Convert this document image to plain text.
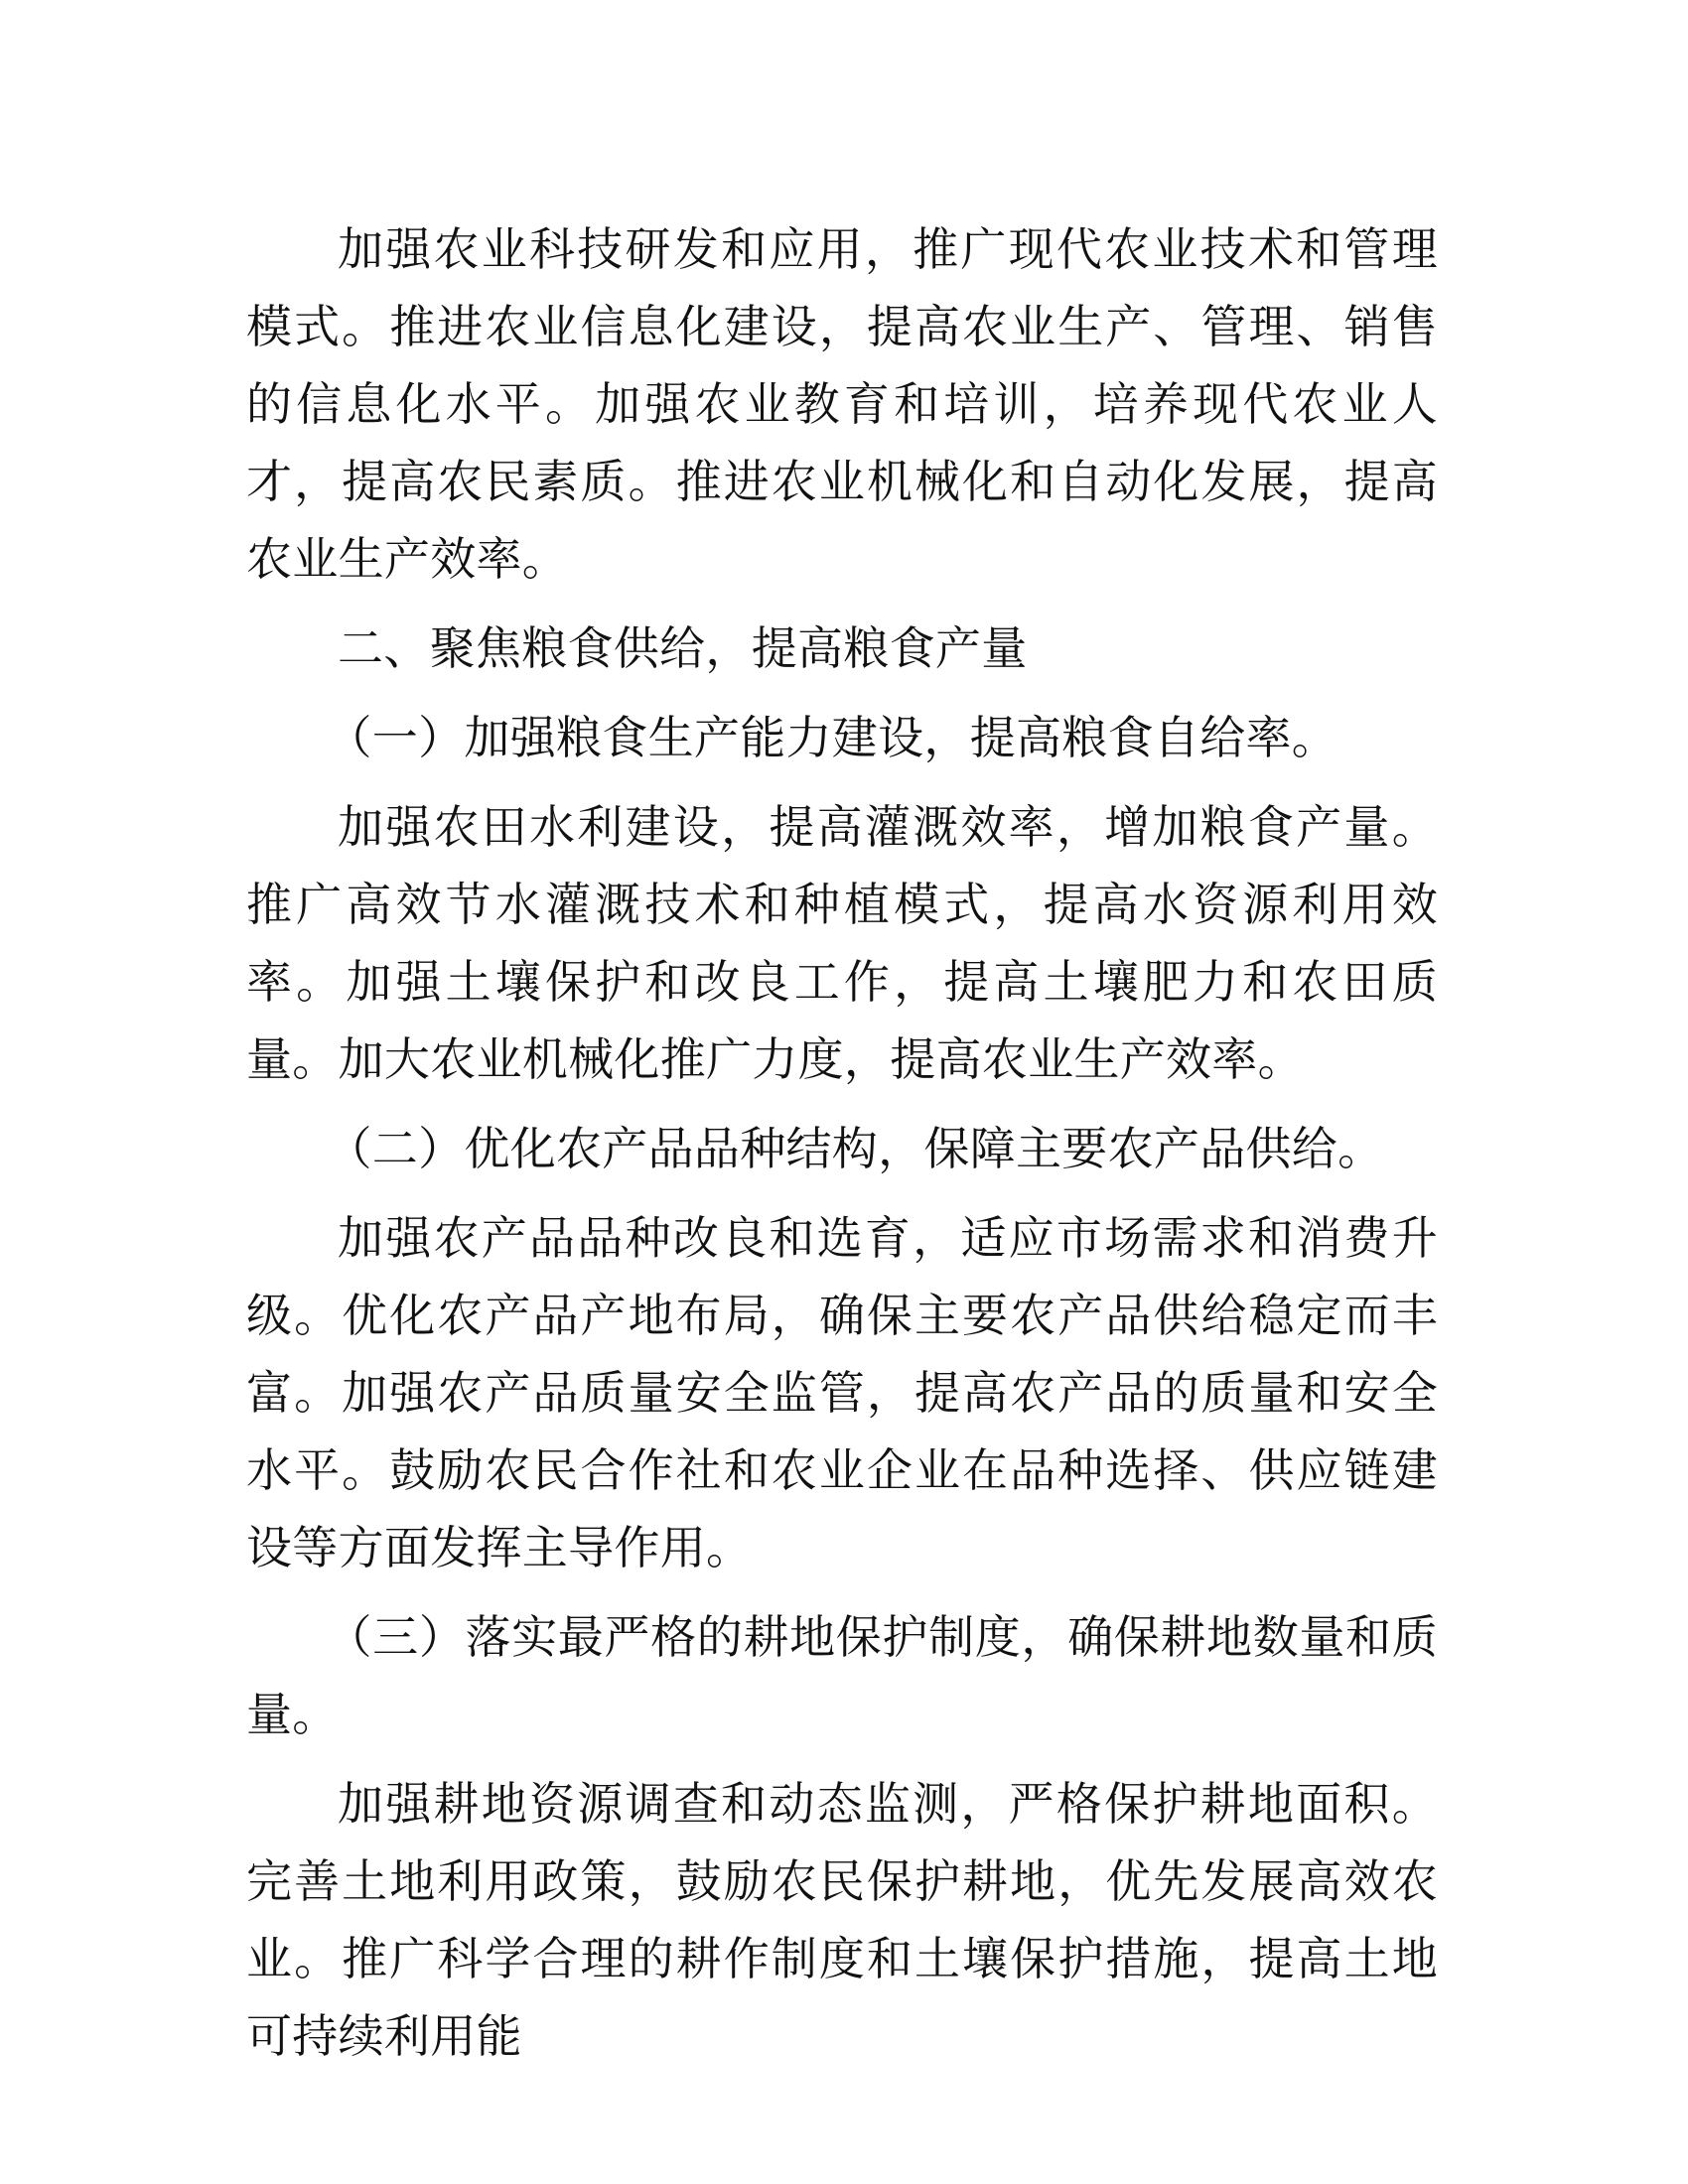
加强农业科技研发和应用，推广现代农业技术和管理模式。推进农业信息化建设，提高农业生产、管理、销售的信息化水平。加强农业教育和培训，培养现代农业人才，提高农民素质。推进农业机械化和自动化发展，提高农业生产效率。

二、聚焦粮食供给，提高粮食产量

（一）加强粮食生产能力建设，提高粮食自给率。

加强农田水利建设，提高灌溉效率，增加粮食产量。推广高效节水灌溉技术和种植模式，提高水资源利用效率。加强土壤保护和改良工作，提高土壤肥力和农田质量。加大农业机械化推广力度，提高农业生产效率。

（二）优化农产品品种结构，保障主要农产品供给。

加强农产品品种改良和选育，适应市场需求和消费升级。优化农产品产地布局，确保主要农产品供给稳定而丰富。加强农产品质量安全监管，提高农产品的质量和安全水平。鼓励农民合作社和农业企业在品种选择、供应链建设等方面发挥主导作用。

（三）落实最严格的耕地保护制度，确保耕地数量和质量。

加强耕地资源调查和动态监测，严格保护耕地面积。完善土地利用政策，鼓励农民保护耕地，优先发展高效农业。推广科学合理的耕作制度和土壤保护措施，提高土地可持续利用能
